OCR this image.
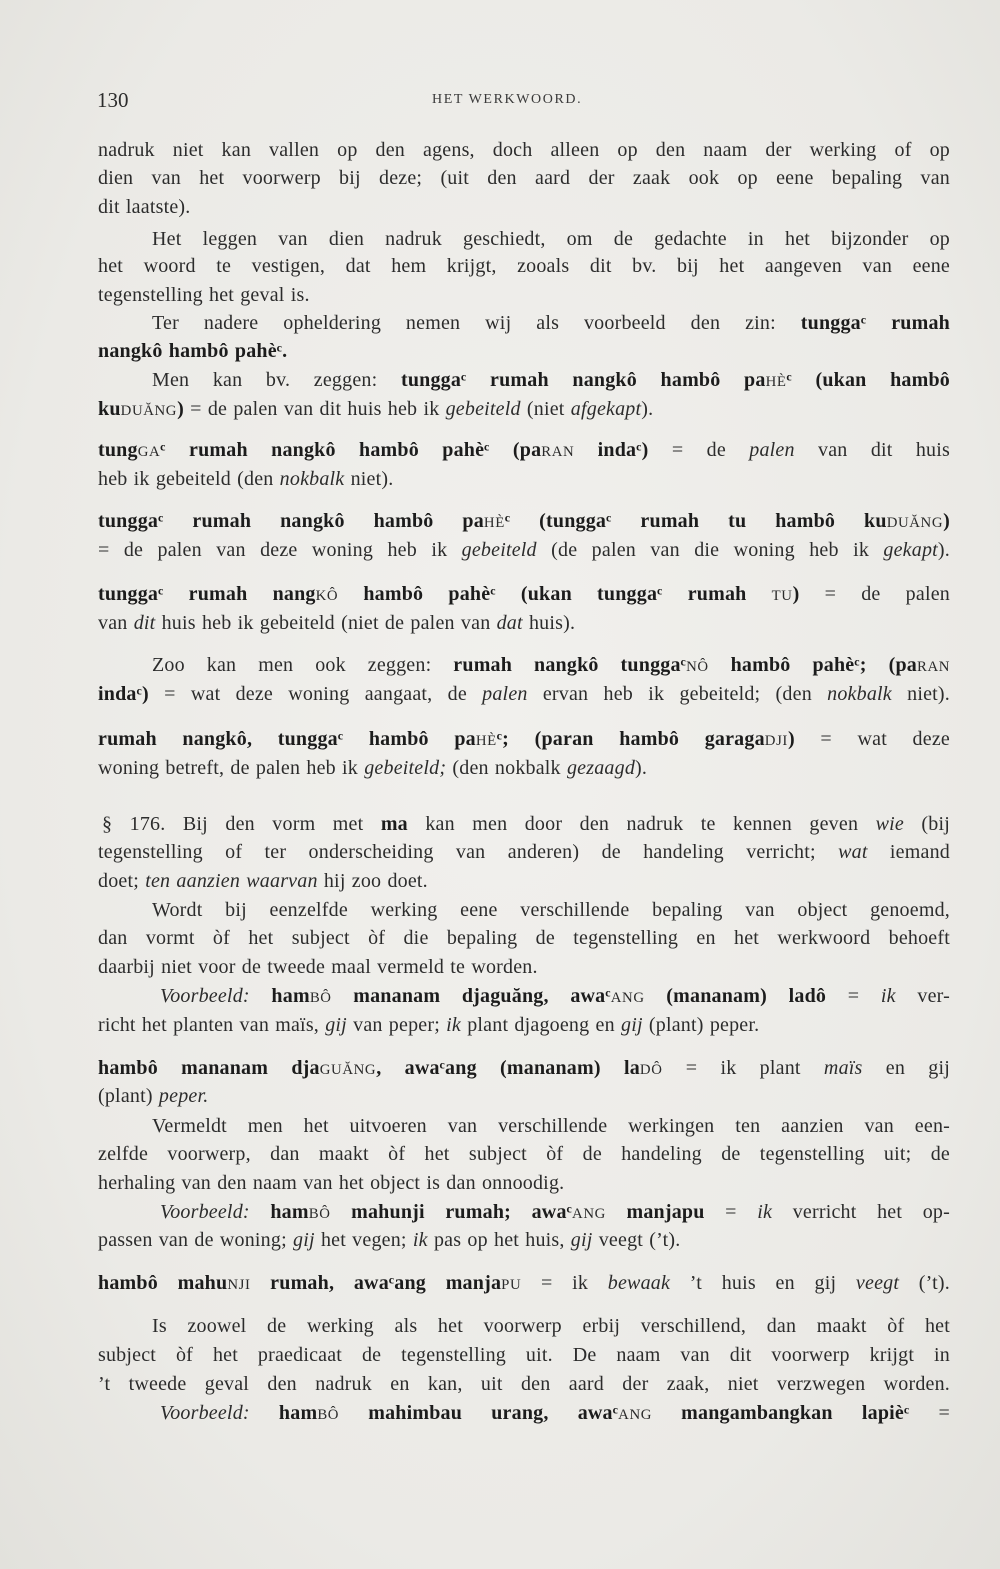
130	HET WERKWOORD.
nadruk niet kan vallen op den agens, doch alleen op den naam der werking of op
dien van het voorwerp bij deze; (uit den aard der zaak ook op eene bepaling van
dit laatste).
Het leggen van dien nadruk geschiedt, om de gedachte in het bijzonder op
het woord te vestigen, dat hem krijgt, zooals dit bv. bij het aangeven van eene
tegenstelling het geval is.
Ter nadere opheldering nemen wij als voorbeeld den zin: tunggaᶜ rumah
nangkô hambô pahèᶜ.
Men kan bv. zeggen: tunggaᶜ rumah nangkô hambô paHÈᶜ (ukan hambô
kuDUĂNG) = de palen van dit huis heb ik gebeiteld (niet afgekapt).
tungGAᶜ rumah nangkô hambô pahèᶜ (paRAN indaᶜ) = de palen van dit huis
heb ik gebeiteld (den nokbalk niet).
tunggaᶜ rumah nangkô hambô paHÈᶜ (tunggaᶜ rumah tu hambô kuDUĂNG)
= de palen van deze woning heb ik gebeiteld (de palen van die woning heb ik gekapt).
tunggaᶜ rumah nangKÔ hambô pahèᶜ (ukan tunggaᶜ rumah TU) = de palen
van dit huis heb ik gebeiteld (niet de palen van dat huis).
Zoo kan men ook zeggen: rumah nangkô tunggaᶜNÔ hambô pahèᶜ; (paRAN
indaᶜ) = wat deze woning aangaat, de palen ervan heb ik gebeiteld; (den nokbalk niet).
rumah nangkô, tunggaᶜ hambô paHÈᶜ; (paran hambô garagaDJI) = wat deze
woning betreft, de palen heb ik gebeiteld; (den nokbalk gezaagd).
§ 176. Bij den vorm met ma kan men door den nadruk te kennen geven wie (bij
tegenstelling of ter onderscheiding van anderen) de handeling verricht; wat iemand
doet; ten aanzien waarvan hij zoo doet.
Wordt bij eenzelfde werking eene verschillende bepaling van object genoemd,
dan vormt òf het subject òf die bepaling de tegenstelling en het werkwoord behoeft
daarbij niet voor de tweede maal vermeld te worden.
Voorbeeld: hamBÔ mananam djaguăng, awaᶜANG (mananam) ladô = ik ver-
richt het planten van maïs, gij van peper; ik plant djagoeng en gij (plant) peper.
hambô mananam djaGUĂNG, awaᶜang (mananam) laDÔ = ik plant maïs en gij
(plant) peper.
Vermeldt men het uitvoeren van verschillende werkingen ten aanzien van een-
zelfde voorwerp, dan maakt òf het subject òf de handeling de tegenstelling uit; de
herhaling van den naam van het object is dan onnoodig.
Voorbeeld: hamBÔ mahunji rumah; awaᶜANG manjapu = ik verricht het op-
passen van de woning; gij het vegen; ik pas op het huis, gij veegt (’t).
hambô mahuNJI rumah, awaᶜang manjaPU = ik bewaak ’t huis en gij veegt (’t).
Is zoowel de werking als het voorwerp erbij verschillend, dan maakt òf het
subject òf het praedicaat de tegenstelling uit. De naam van dit voorwerp krijgt in
’t tweede geval den nadruk en kan, uit den aard der zaak, niet verzwegen worden.
Voorbeeld: hamBÔ mahimbau urang, awaᶜANG mangambangkan lapièᶜ =
